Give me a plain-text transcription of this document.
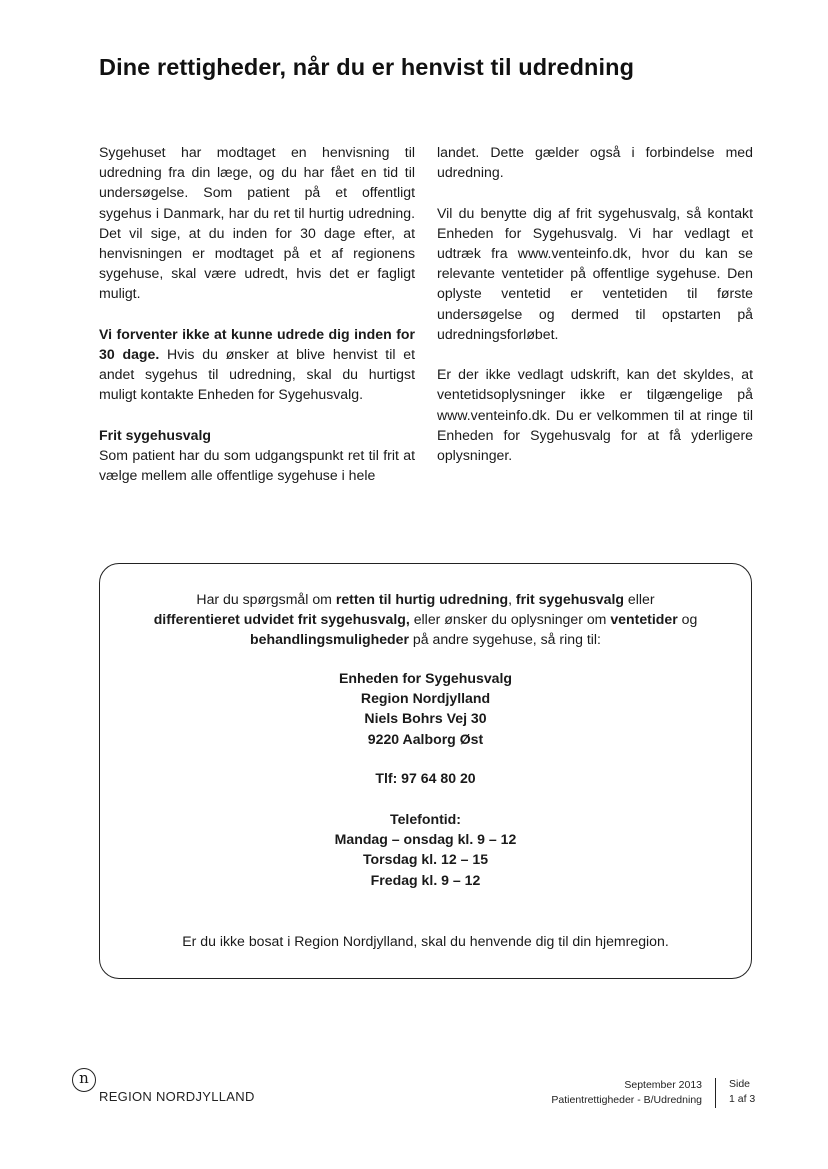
Dine rettigheder, når du er henvist til udredning

Sygehuset har modtaget en henvisning til udredning fra din læge, og du har fået en tid til undersøgelse. Som patient på et offentligt sygehus i Danmark, har du ret til hurtig udredning. Det vil sige, at du inden for 30 dage efter, at henvisningen er modtaget på et af regionens sygehuse, skal være udredt, hvis det er fagligt muligt.

Vi forventer ikke at kunne udrede dig inden for 30 dage. Hvis du ønsker at blive henvist til et andet sygehus til udredning, skal du hurtigst muligt kontakte Enheden for Sygehusvalg.

Frit sygehusvalg
Som patient har du som udgangspunkt ret til frit at vælge mellem alle offentlige sygehuse i hele

landet. Dette gælder også i forbindelse med udredning.

Vil du benytte dig af frit sygehusvalg, så kontakt Enheden for Sygehusvalg. Vi har vedlagt et udtræk fra www.venteinfo.dk, hvor du kan se relevante ventetider på offentlige sygehuse. Den oplyste ventetid er ventetiden til første undersøgelse og dermed til opstarten på udredningsforløbet.

Er der ikke vedlagt udskrift, kan det skyldes, at ventetidsoplysninger ikke er tilgængelige på www.venteinfo.dk. Du er velkommen til at ringe til Enheden for Sygehusvalg for at få yderligere oplysninger.

Har du spørgsmål om retten til hurtig udredning, frit sygehusvalg eller
differentieret udvidet frit sygehusvalg, eller ønsker du oplysninger om ventetider og
behandlingsmuligheder på andre sygehuse, så ring til:
Enheden for Sygehusvalg
Region Nordjylland
Niels Bohrs Vej 30
9220 Aalborg Øst
Tlf: 97 64 80 20
Telefontid:
Mandag – onsdag kl. 9 – 12
Torsdag kl. 12 – 15
Fredag kl. 9 – 12
Er du ikke bosat i Region Nordjylland, skal du henvende dig til din hjemregion.
n
REGION NORDJYLLAND
September 2013
Patientrettigheder - B/Udredning
Side
1 af 3
